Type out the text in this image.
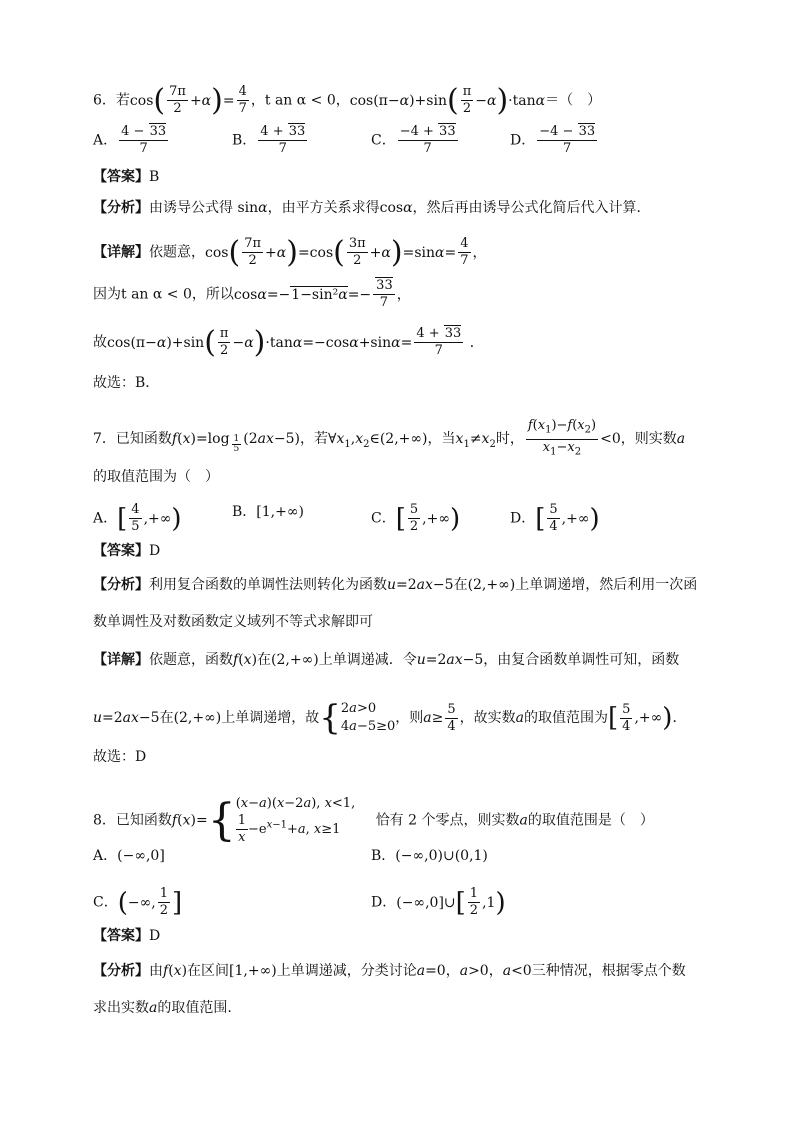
6．若$\cos( \frac{7\pi}{2} +\alpha)= \frac{4}{7}$ ，t an α < 0，$\cos(\pi-\alpha)+\sin( \frac{\pi}{2} -\alpha)\cdot\tan\alpha=$（　）
A． $\frac{4 - 33}{7}$	B． $\frac{4 + 33}{7}$	C． $\frac{-4 + 33}{7}$	D． $\frac{-4 - 33}{7}$
【答案】B
【分析】由诱导公式得 sinα，由平方关系求得cosα，然后再由诱导公式化简后代入计算．
【详解】依题意，$\cos( \frac{7\pi}{2} +\alpha)=\cos( \frac{3\pi}{2} +\alpha)=\sin\alpha= \frac{4}{7}$ ，
因为t an α < 0，所以$\cos\alpha=-1-\sin^2\alpha=- \frac{33}{7}$ ，
故$\cos(\pi-\alpha)+\sin( \frac{\pi}{2} -\alpha)\cdot\tan\alpha=-\cos\alpha+\sin\alpha= \frac{4 + 33}{7}$ ．
故选：B．
7．已知函数f(x)=log $_{\frac{1}{5}}$ (2ax−5)，若$\forall x_1,x_2\in(2,+\infty)$，当$x_1\ne x_2$时， $\frac{f(x_1)-f(x_2)}{x_1-x_2} <0$，则实数a
的取值范围为（　）
A．[ $\frac{4}{5}$ ,+∞)	B．[1,+∞)	C．[ $\frac{5}{2}$ ,+∞)	D．[ $\frac{5}{4}$ ,+∞)
【答案】D
【分析】利用复合函数的单调性法则转化为函数u=2ax−5在(2,+∞)上单调递增，然后利用一次函
数单调性及对数函数定义域列不等式求解即可
【详解】依题意，函数f(x)在(2,+∞)上单调递减．令u=2ax−5，由复合函数单调性可知，函数
u=2ax−5在(2,+∞)上单调递增，故{2a>0
4a−5≥0，则$a\ge \frac{5}{4}$ ，故实数a的取值范围为[ $\frac{5}{4}$ ,+∞)．
故选：D
8．已知函数f(x)={(x−a)(x−2a), x<1,

$\frac{1}{x} -e^{x-1}+a$, x≥1恰有 2 个零点，则实数a的取值范围是（　）
A．(−∞,0]	B．(−∞,0)∪(0,1)
C．(−∞, $\frac{1}{2}$ ]	D．(−∞,0]∪[ $\frac{1}{2} ,1$)
【答案】D
【分析】由f(x)在区间[1,+∞)上单调递减，分类讨论a=0，a>0，a<0三种情况，根据零点个数
求出实数a的取值范围.
